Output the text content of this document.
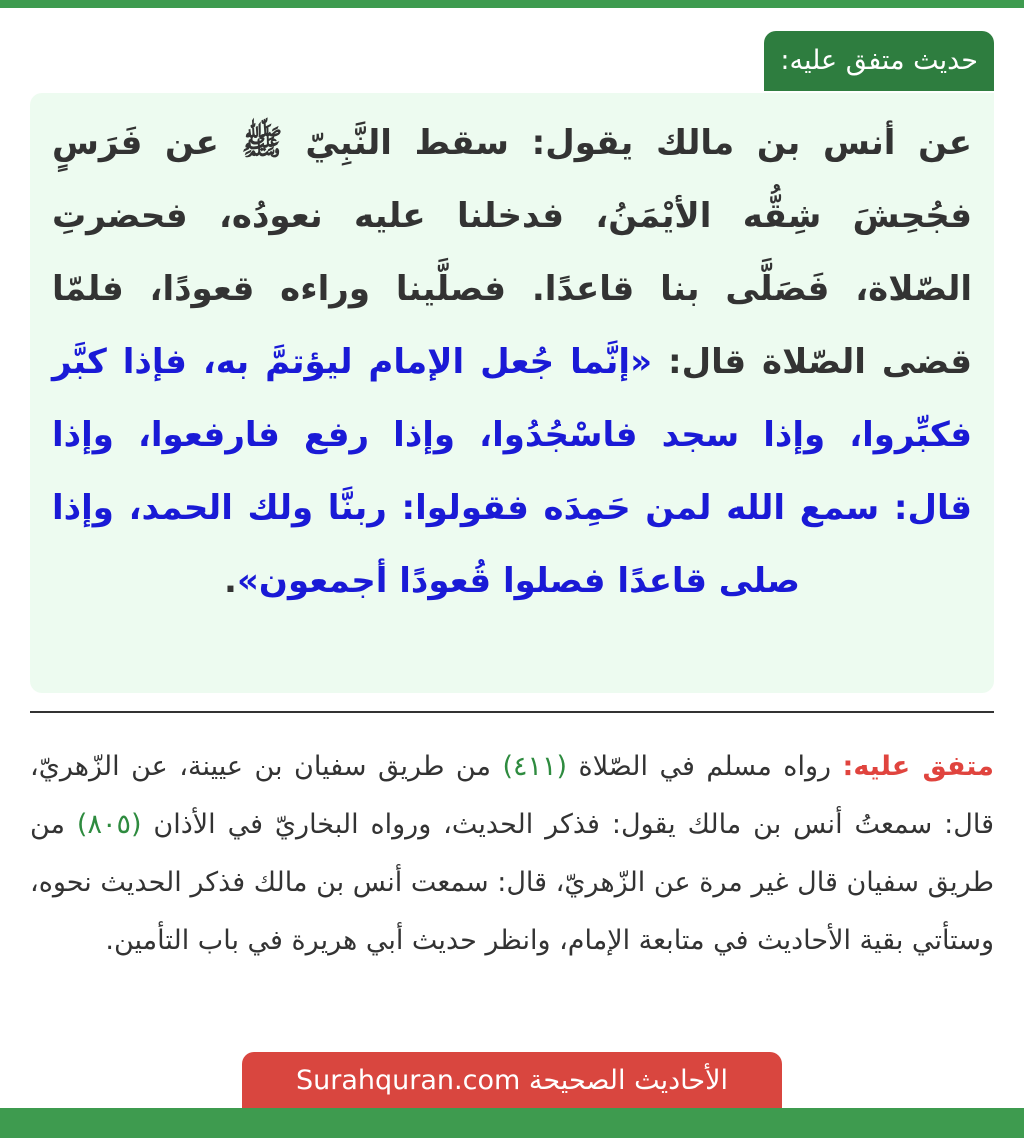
حديث متفق عليه:
عن أنس بن مالك يقول: سقط النَّبِيّ ﷺ عن فَرَسٍ فجُحِشَ شِقُّه الأيْمَنُ، فدخلنا عليه نعودُه، فحضرتِ الصّلاة، فَصَلَّى بنا قاعدًا. فصلَّينا وراءه قعودًا، فلمّا قضى الصّلاة قال: «إنَّما جُعل الإمام ليؤتمَّ به، فإذا كبَّر فكبِّروا، وإذا سجد فاسْجُدُوا، وإذا رفع فارفعوا، وإذا قال: سمع الله لمن حَمِدَه فقولوا: ربنَّا ولك الحمد، وإذا صلى قاعدًا فصلوا قُعودًا أجمعون».
متفق عليه: رواه مسلم في الصّلاة (٤١١) من طريق سفيان بن عيينة، عن الزّهريّ، قال: سمعتُ أنس بن مالك يقول: فذكر الحديث، ورواه البخاريّ في الأذان (٨٠٥) من طريق سفيان قال غير مرة عن الزّهريّ، قال: سمعت أنس بن مالك فذكر الحديث نحوه، وستأتي بقية الأحاديث في متابعة الإمام، وانظر حديث أبي هريرة في باب التأمين.
الأحاديث الصحيحة Surahquran.com
